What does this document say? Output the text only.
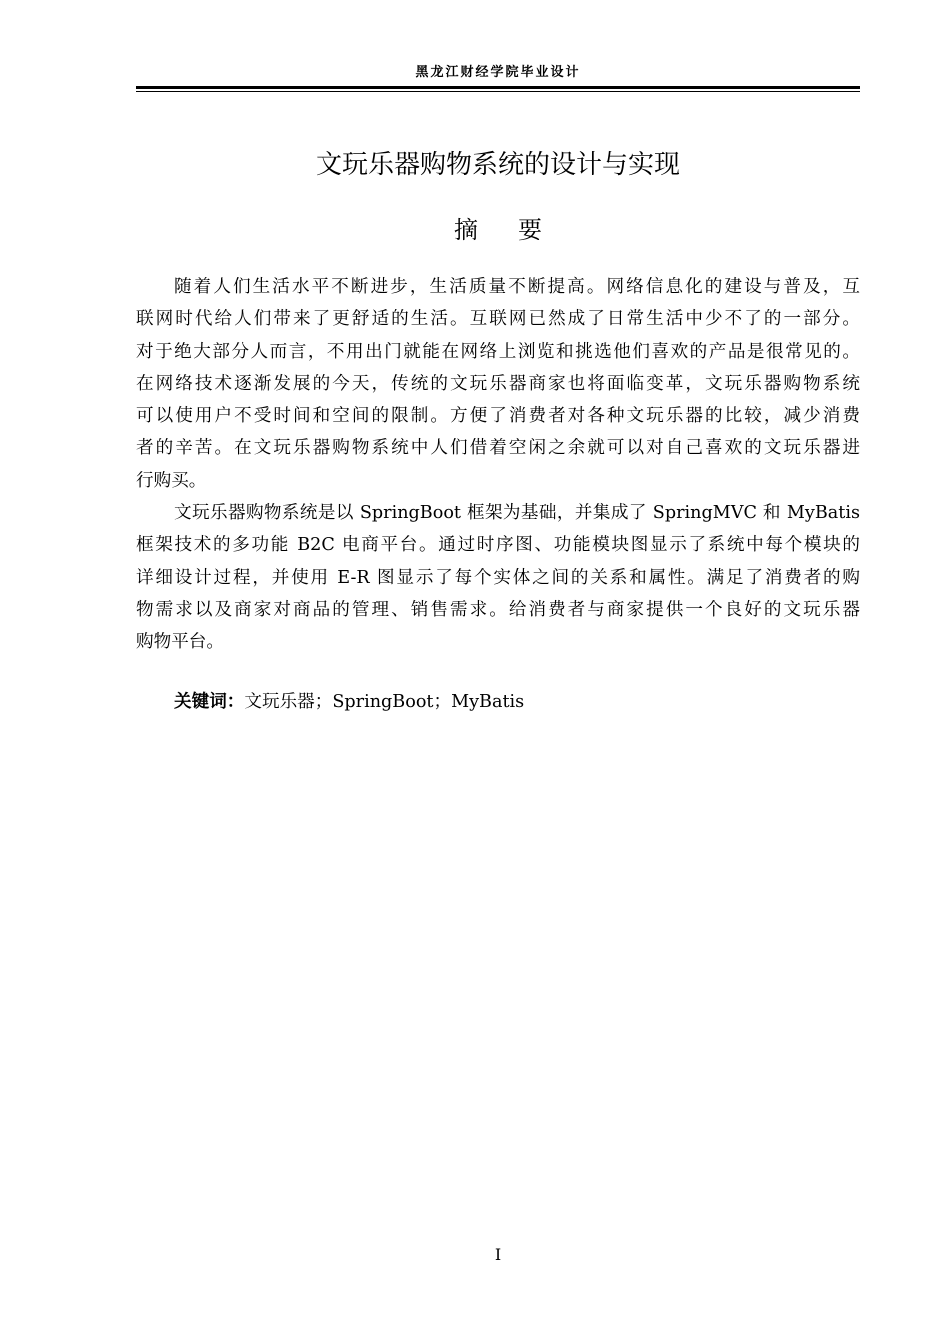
黑龙江财经学院毕业设计
文玩乐器购物系统的设计与实现
摘要
随着人们生活水平不断进步，生活质量不断提高。网络信息化的建设与普及，互
联网时代给人们带来了更舒适的生活。互联网已然成了日常生活中少不了的一部分。
对于绝大部分人而言，不用出门就能在网络上浏览和挑选他们喜欢的产品是很常见的。
在网络技术逐渐发展的今天，传统的文玩乐器商家也将面临变革，文玩乐器购物系统
可以使用户不受时间和空间的限制。方便了消费者对各种文玩乐器的比较，减少消费
者的辛苦。在文玩乐器购物系统中人们借着空闲之余就可以对自己喜欢的文玩乐器进
行购买。
文玩乐器购物系统是以 SpringBoot 框架为基础，并集成了 SpringMVC 和 MyBatis
框架技术的多功能 B2C 电商平台。通过时序图、功能模块图显示了系统中每个模块的
详细设计过程，并使用 E-R 图显示了每个实体之间的关系和属性。满足了消费者的购
物需求以及商家对商品的管理、销售需求。给消费者与商家提供一个良好的文玩乐器
购物平台。
关键词：文玩乐器；SpringBoot；MyBatis
I
